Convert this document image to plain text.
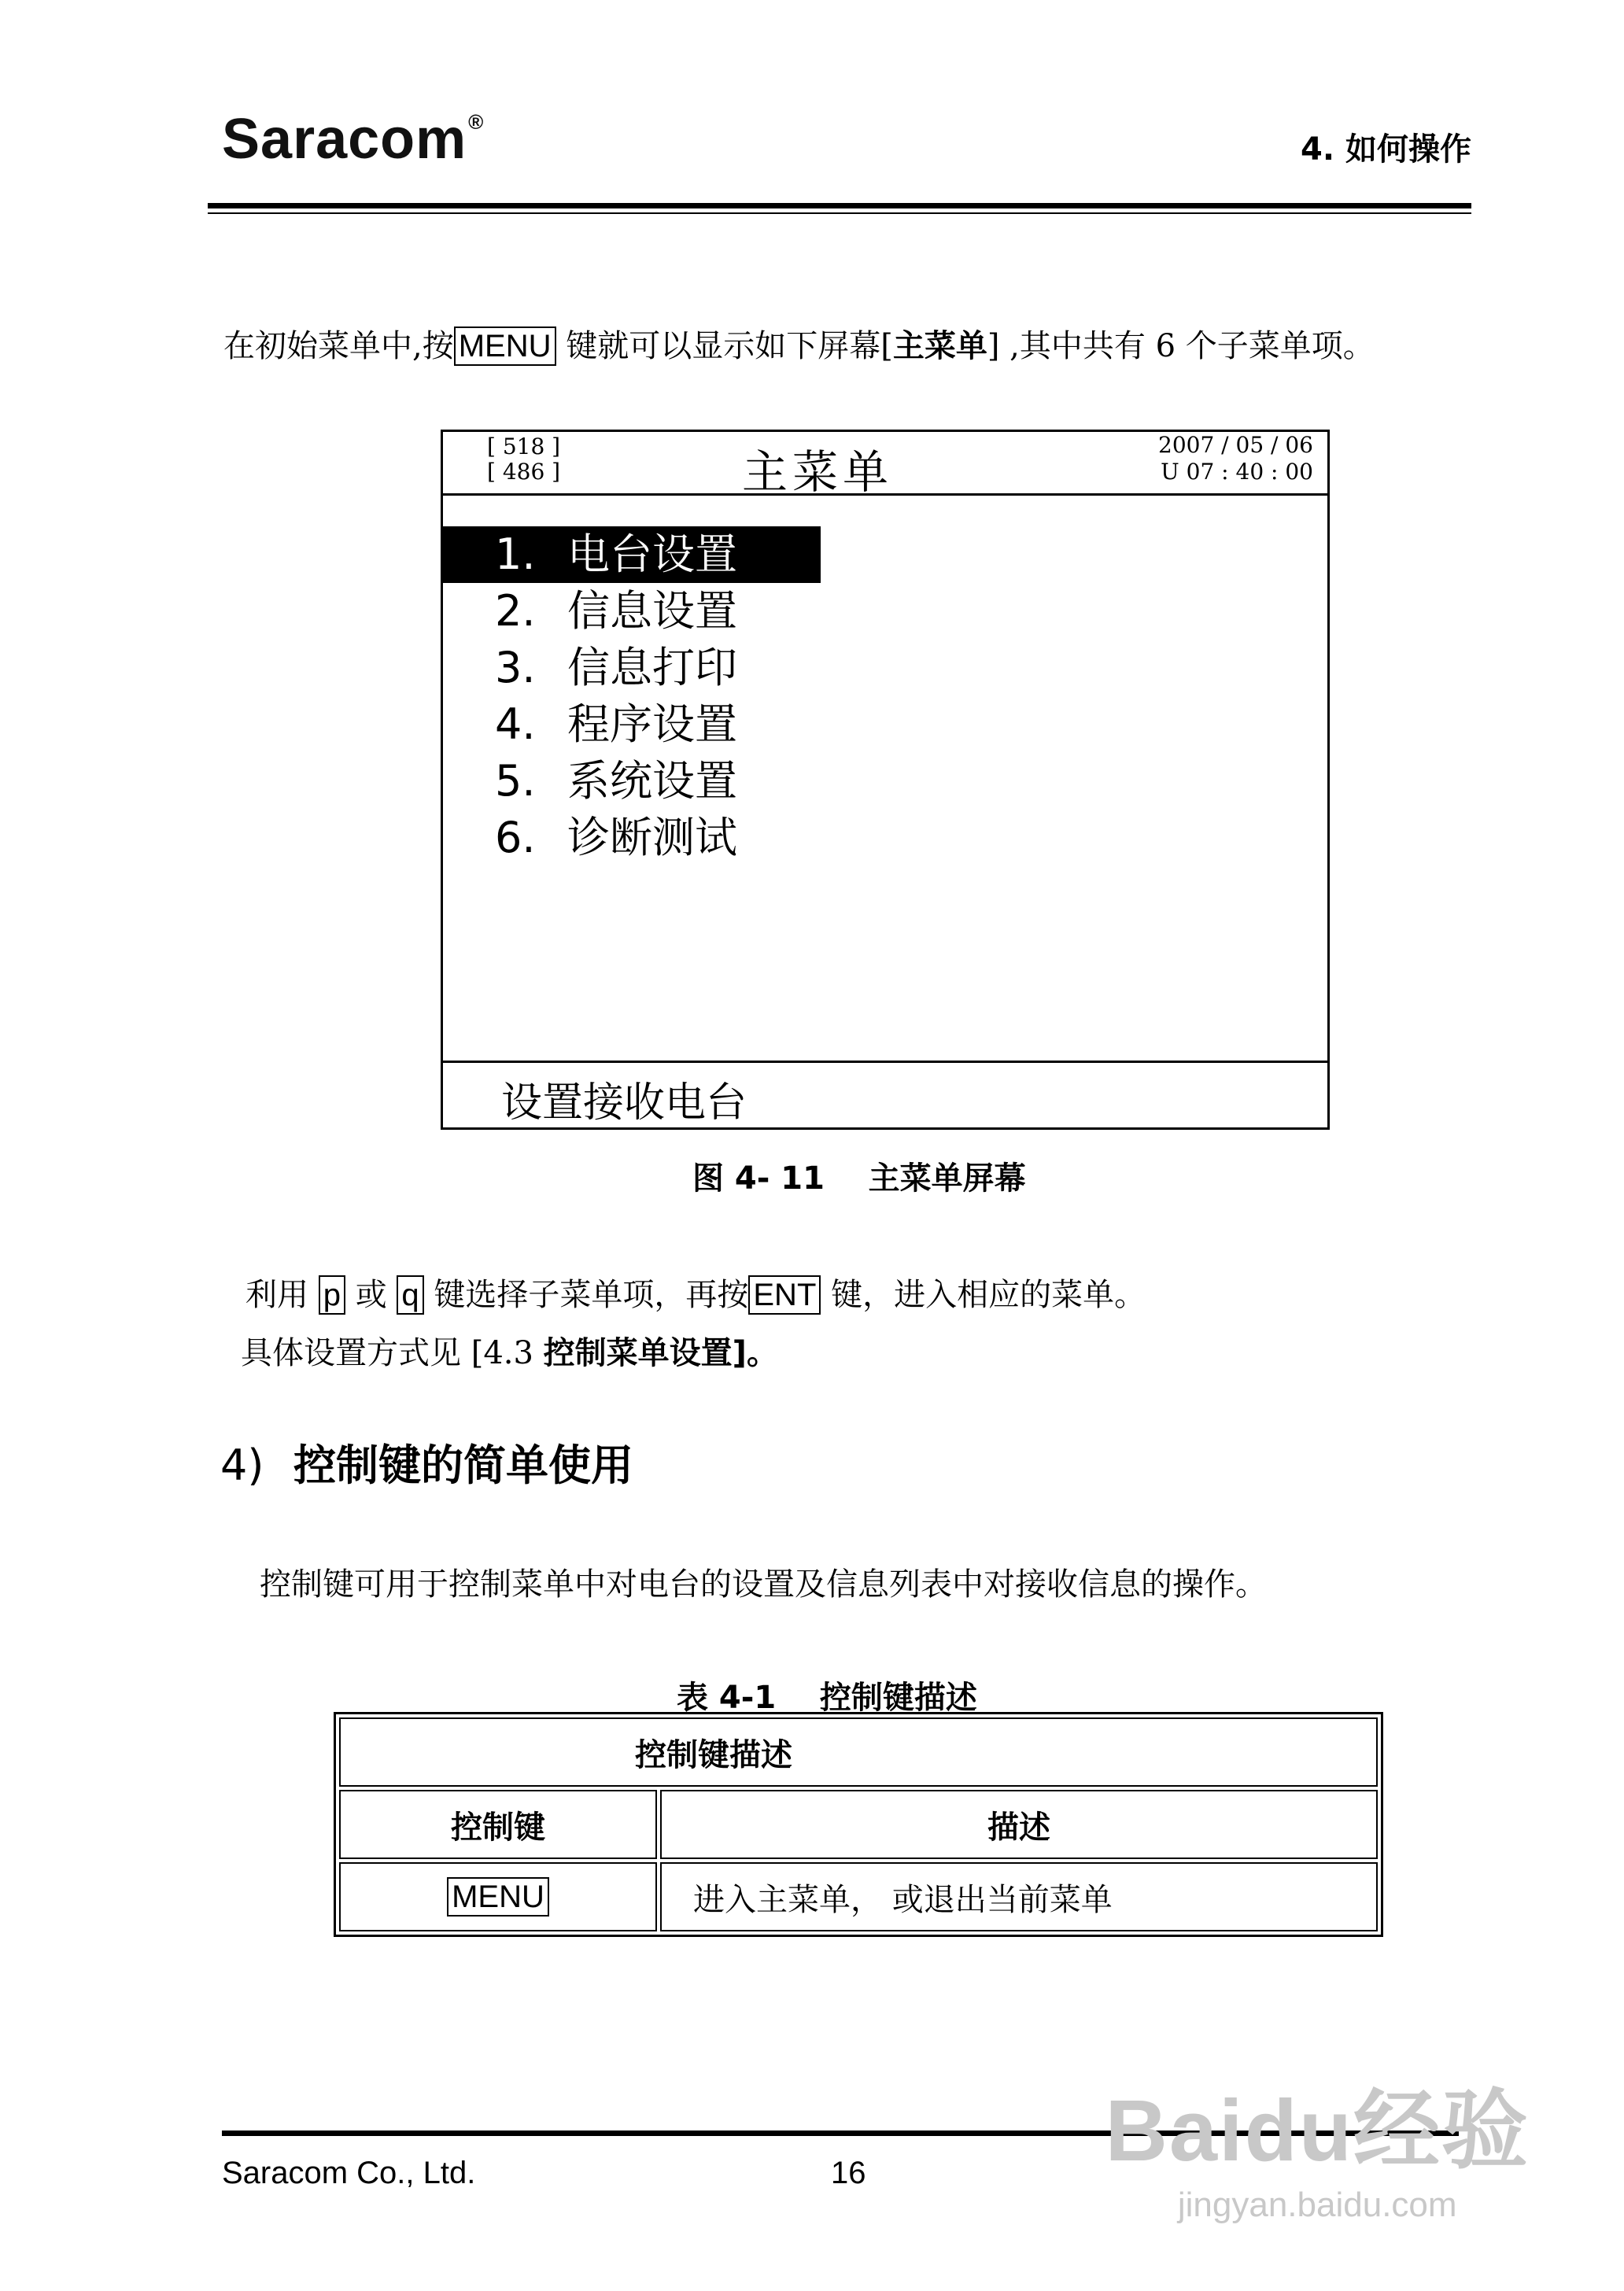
Saracom®
4. 如何操作
在初始菜单中,按 MENU 键就可以显示如下屏幕[主菜单] ,其中共有 6 个子菜单项。
[ 518 ]
[ 486 ]	主菜单
2007 / 05 / 06
U 07 : 40 : 00
1. 电台设置
2. 信息设置
3. 信息打印
4. 程序设置
5. 系统设置
6. 诊断测试
设置接收电台
图 4- 11 主菜单屏幕
利用 p 或 q 键选择子菜单项，再按 ENT 键，进入相应的菜单。
具体设置方式见 [4.3 控制菜单设置]。
4) 控制键的简单使用
控制键可用于控制菜单中对电台的设置及信息列表中对接收信息的操作。
表 4-1 控制键描述
控制键描述	
控制键	描述
MENU	进入主菜单， 或退出当前菜单
Saracom Co., Ltd.	16	Baidu经验
jingyan.baidu.com
